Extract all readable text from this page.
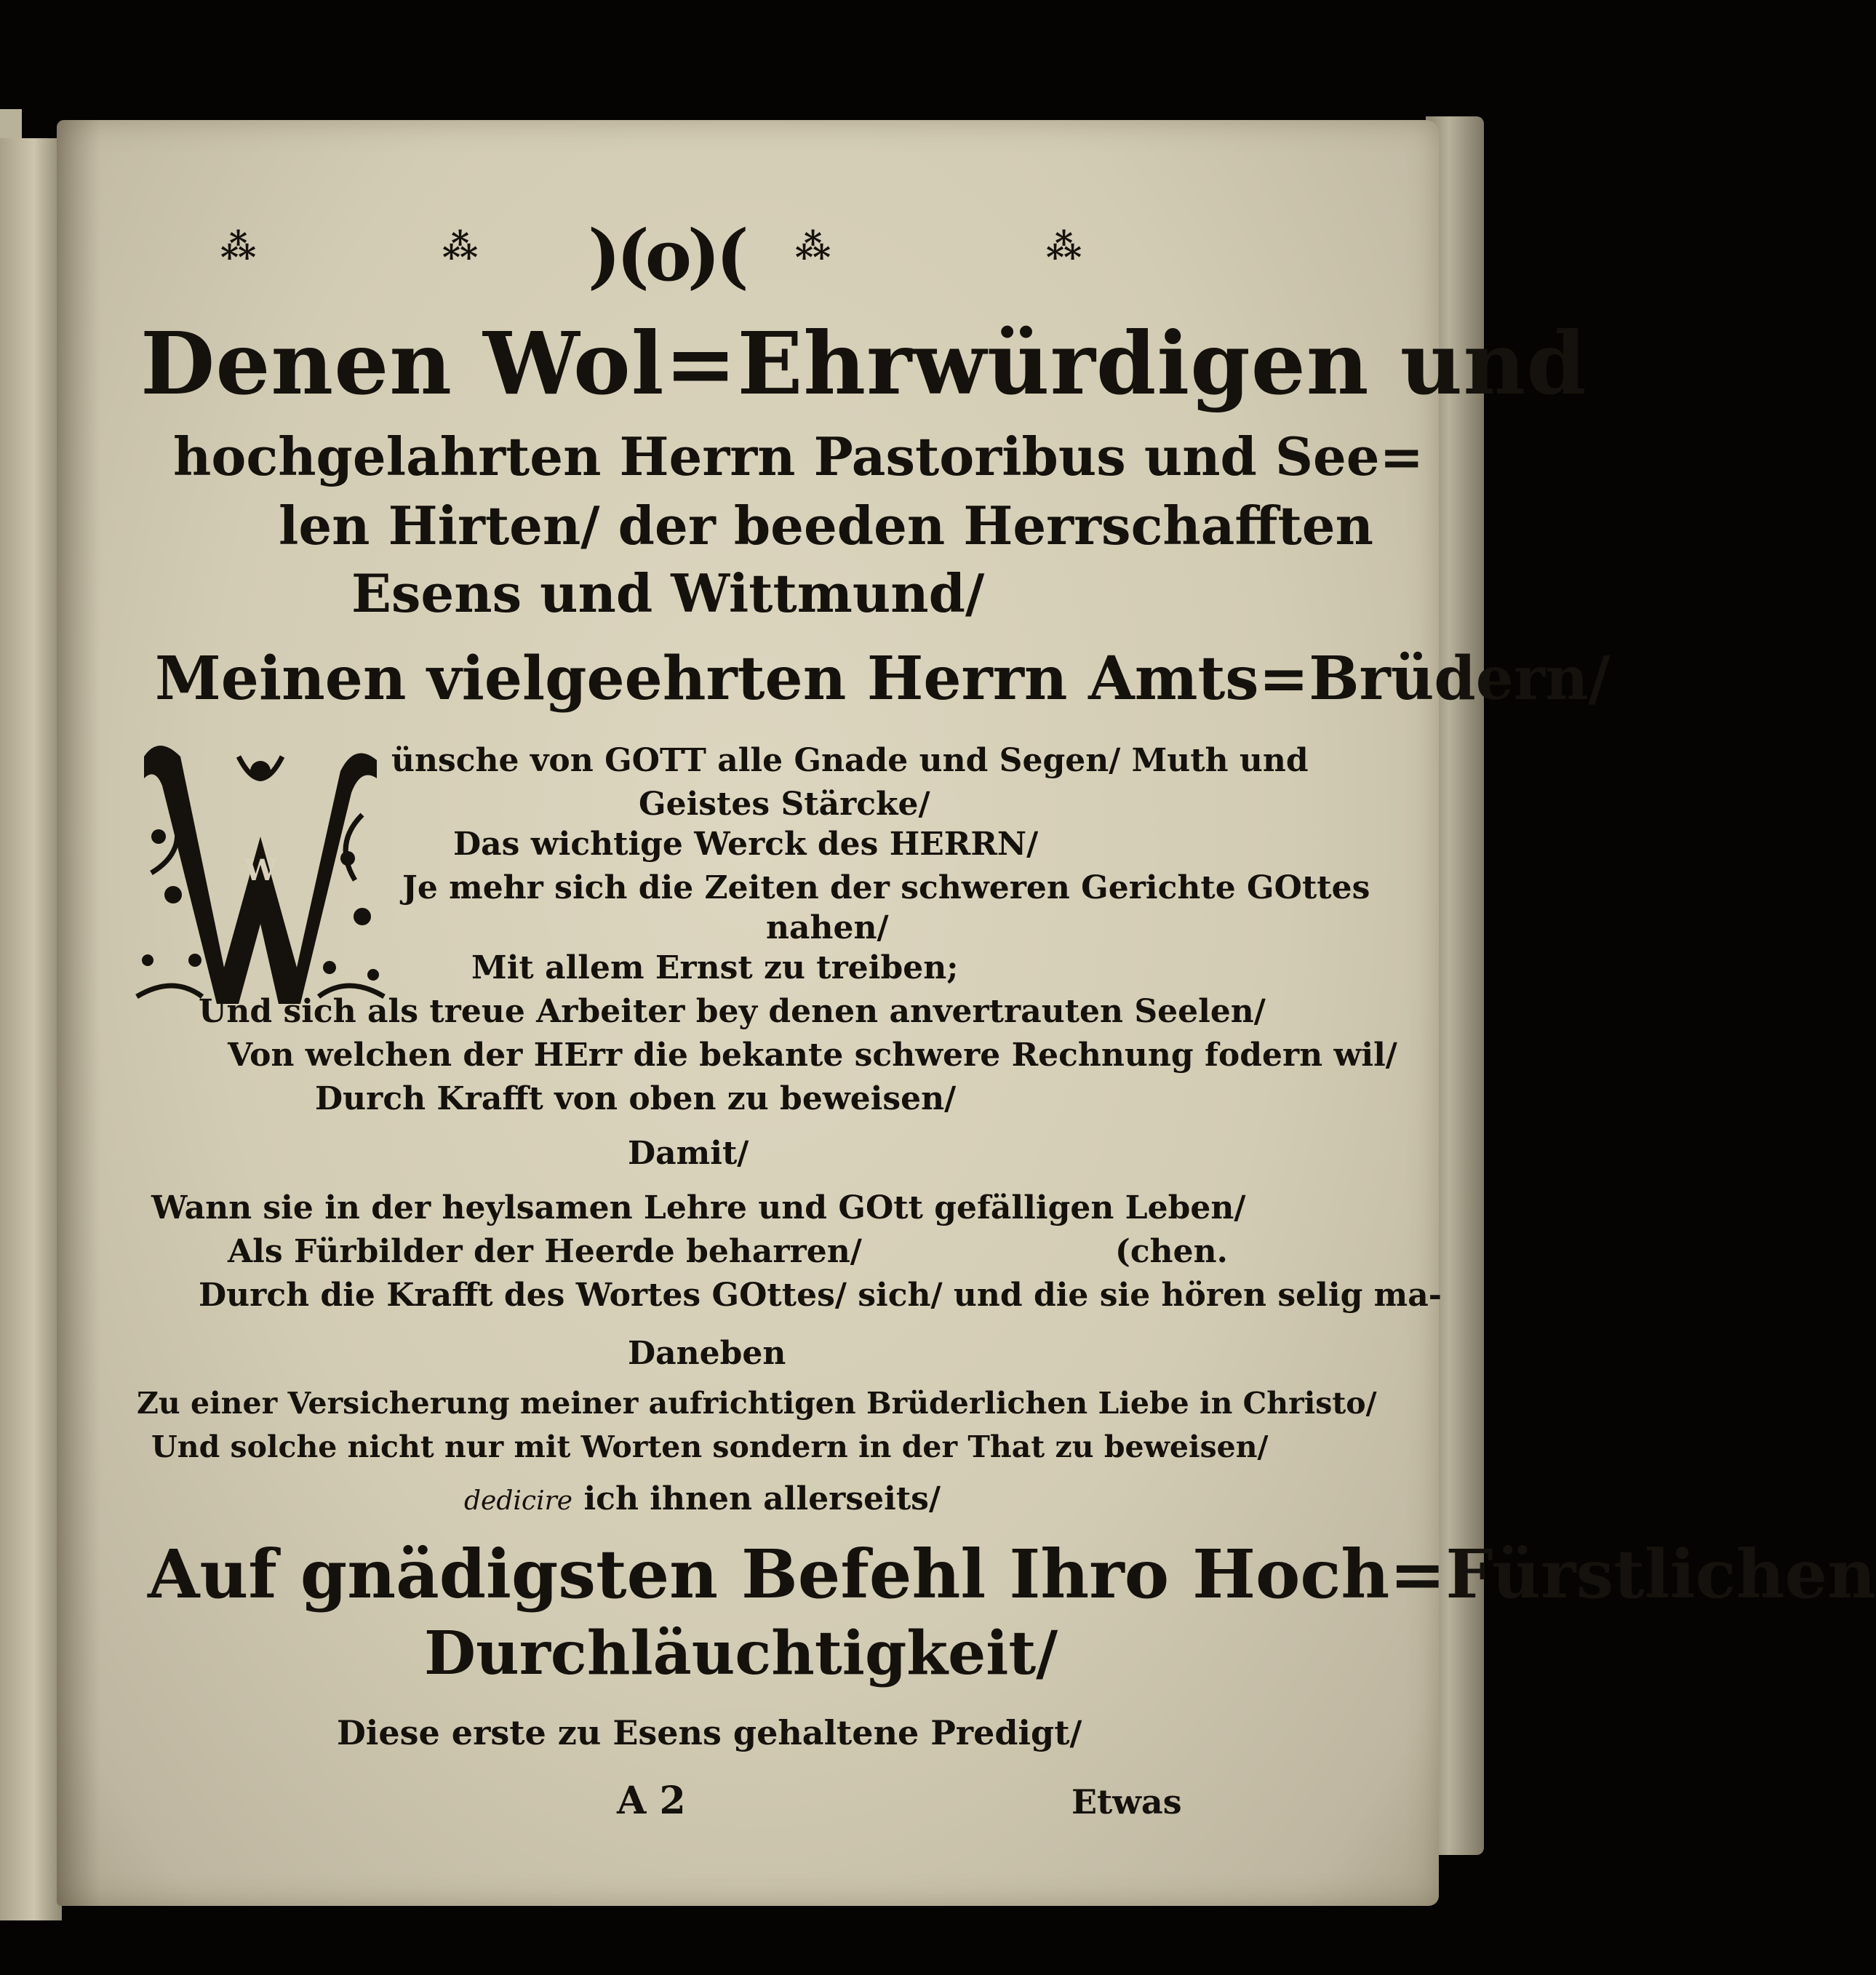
⁂	⁂ )(o)( ⁂	⁂
Denen Wol=Ehrwürdigen und
hochgelahrten Herrn Pastoribus und See=
len Hirten/ der beeden Herrschafften
Esens und Wittmund/
Meinen vielgeehrten Herrn Amts=Brüdern/
W
ünsche von GOTT alle Gnade und Segen/ Muth und
Geistes Stärcke/
Das wichtige Werck des HERRN/
Je mehr sich die Zeiten der schweren Gerichte GOttes
nahen/
Mit allem Ernst zu treiben;
Und sich als treue Arbeiter bey denen anvertrauten Seelen/
Von welchen der HErr die bekante schwere Rechnung fodern wil/
Durch Krafft von oben zu beweisen/
Damit/
Wann sie in der heylsamen Lehre und GOtt gefälligen Leben/
Als Fürbilder der Heerde beharren/	(chen.
Durch die Krafft des Wortes GOttes/ sich/ und die sie hören selig ma-
Daneben
Zu einer Versicherung meiner aufrichtigen Brüderlichen Liebe in Christo/
Und solche nicht nur mit Worten sondern in der That zu beweisen/
dedicire ich ihnen allerseits/
Auf gnädigsten Befehl Ihro Hoch=Fürstlichen
Durchläuchtigkeit/
Diese erste zu Esens gehaltene Predigt/
A 2	Etwas
